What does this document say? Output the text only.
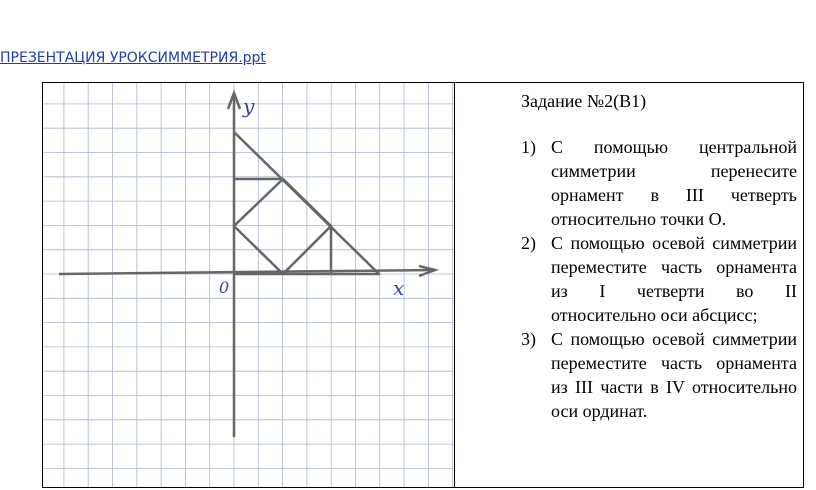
ПРЕЗЕНТАЦИЯ УРОКСИММЕТРИЯ.ppt
y
0	x

Задание №2(В1)

1) С помощью центральной симметрии перенесите орнамент в III четверть относительно точки О.
2) С помощью осевой симметрии переместите часть орнамента из I четверти во II относительно оси абсцисс;
3) С помощью осевой симметрии переместите часть орнамента из III части в IV относительно оси ординат.
